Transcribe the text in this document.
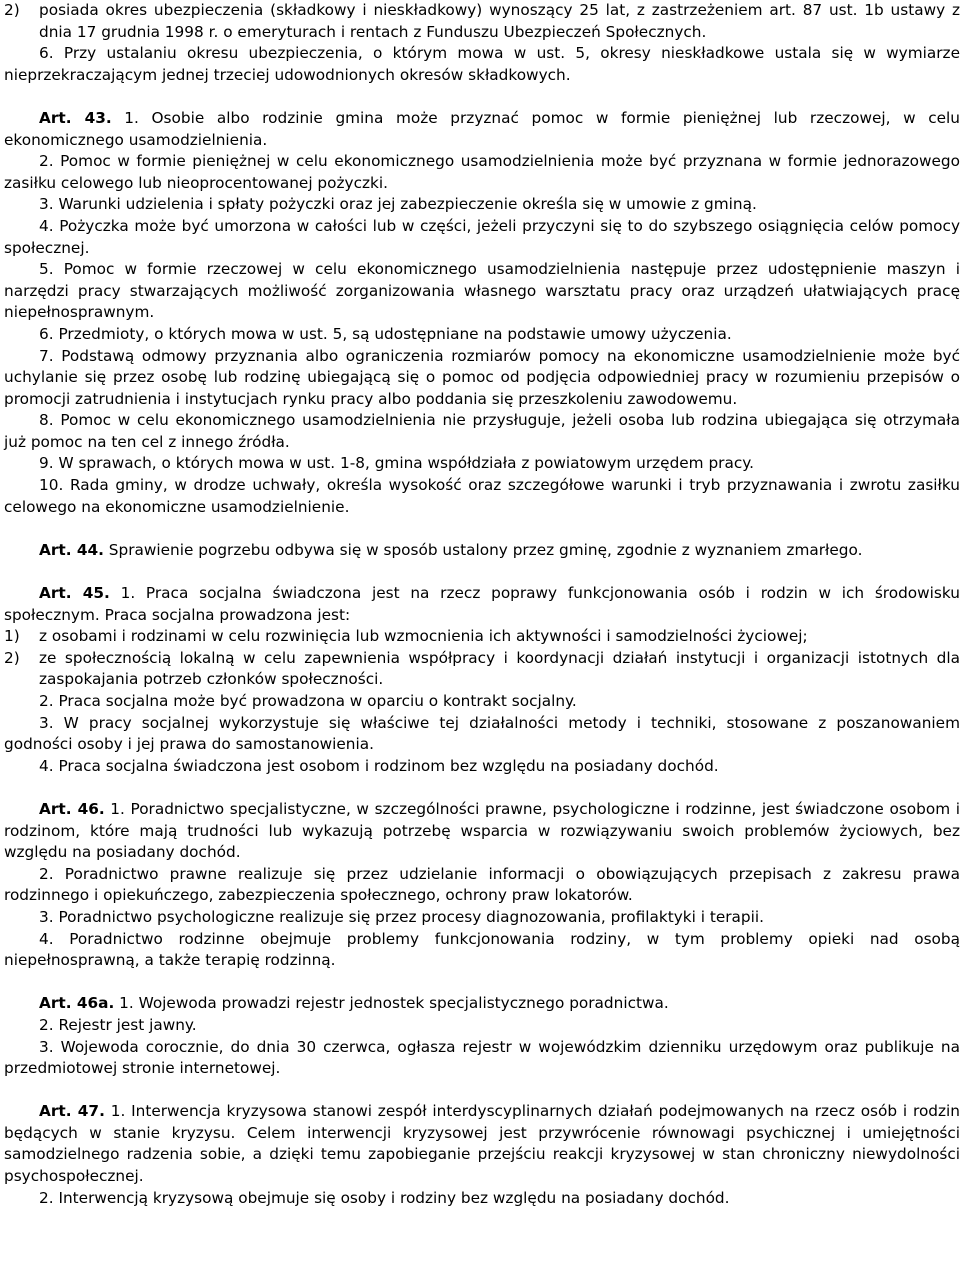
2)	posiada okres ubezpieczenia (składkowy i nieskładkowy) wynoszący 25 lat, z zastrzeżeniem art. 87 ust. 1b ustawy z dnia 17 grudnia 1998 r. o emeryturach i rentach z Funduszu Ubezpieczeń Społecznych.

6. Przy ustalaniu okresu ubezpieczenia, o którym mowa w ust. 5, okresy nieskładkowe ustala się w wymiarze nieprzekraczającym jednej trzeciej udowodnionych okresów składkowych.

Art. 43. 1. Osobie albo rodzinie gmina może przyznać pomoc w formie pieniężnej lub rzeczowej, w celu ekonomicznego usamodzielnienia.

2. Pomoc w formie pieniężnej w celu ekonomicznego usamodzielnienia może być przyznana w formie jednorazowego zasiłku celowego lub nieoprocentowanej pożyczki.

3. Warunki udzielenia i spłaty pożyczki oraz jej zabezpieczenie określa się w umowie z gminą.

4. Pożyczka może być umorzona w całości lub w części, jeżeli przyczyni się to do szybszego osiągnięcia celów pomocy społecznej.

5. Pomoc w formie rzeczowej w celu ekonomicznego usamodzielnienia następuje przez udostępnienie maszyn i narzędzi pracy stwarzających możliwość zorganizowania własnego warsztatu pracy oraz urządzeń ułatwiających pracę niepełnosprawnym.

6. Przedmioty, o których mowa w ust. 5, są udostępniane na podstawie umowy użyczenia.

7. Podstawą odmowy przyznania albo ograniczenia rozmiarów pomocy na ekonomiczne usamodzielnienie może być uchylanie się przez osobę lub rodzinę ubiegającą się o pomoc od podjęcia odpowiedniej pracy w rozumieniu przepisów o promocji zatrudnienia i instytucjach rynku pracy albo poddania się przeszkoleniu zawodowemu.

8. Pomoc w celu ekonomicznego usamodzielnienia nie przysługuje, jeżeli osoba lub rodzina ubiegająca się otrzymała już pomoc na ten cel z innego źródła.

9. W sprawach, o których mowa w ust. 1-8, gmina współdziała z powiatowym urzędem pracy.

10. Rada gminy, w drodze uchwały, określa wysokość oraz szczegółowe warunki i tryb przyznawania i zwrotu zasiłku celowego na ekonomiczne usamodzielnienie.

Art. 44. Sprawienie pogrzebu odbywa się w sposób ustalony przez gminę, zgodnie z wyznaniem zmarłego.

Art. 45. 1. Praca socjalna świadczona jest na rzecz poprawy funkcjonowania osób i rodzin w ich środowisku społecznym. Praca socjalna prowadzona jest:

1)	z osobami i rodzinami w celu rozwinięcia lub wzmocnienia ich aktywności i samodzielności życiowej;
2)	ze społecznością lokalną w celu zapewnienia współpracy i koordynacji działań instytucji i organizacji istotnych dla zaspokajania potrzeb członków społeczności.

2. Praca socjalna może być prowadzona w oparciu o kontrakt socjalny.

3. W pracy socjalnej wykorzystuje się właściwe tej działalności metody i techniki, stosowane z poszanowaniem godności osoby i jej prawa do samostanowienia.

4. Praca socjalna świadczona jest osobom i rodzinom bez względu na posiadany dochód.

Art. 46. 1. Poradnictwo specjalistyczne, w szczególności prawne, psychologiczne i rodzinne, jest świadczone osobom i rodzinom, które mają trudności lub wykazują potrzebę wsparcia w rozwiązywaniu swoich problemów życiowych, bez względu na posiadany dochód.

2. Poradnictwo prawne realizuje się przez udzielanie informacji o obowiązujących przepisach z zakresu prawa rodzinnego i opiekuńczego, zabezpieczenia społecznego, ochrony praw lokatorów.

3. Poradnictwo psychologiczne realizuje się przez procesy diagnozowania, profilaktyki i terapii.

4. Poradnictwo rodzinne obejmuje problemy funkcjonowania rodziny, w tym problemy opieki nad osobą niepełnosprawną, a także terapię rodzinną.

Art. 46a. 1. Wojewoda prowadzi rejestr jednostek specjalistycznego poradnictwa.

2. Rejestr jest jawny.

3. Wojewoda corocznie, do dnia 30 czerwca, ogłasza rejestr w wojewódzkim dzienniku urzędowym oraz publikuje na przedmiotowej stronie internetowej.

Art. 47. 1. Interwencja kryzysowa stanowi zespół interdyscyplinarnych działań podejmowanych na rzecz osób i rodzin będących w stanie kryzysu. Celem interwencji kryzysowej jest przywrócenie równowagi psychicznej i umiejętności samodzielnego radzenia sobie, a dzięki temu zapobieganie przejściu reakcji kryzysowej w stan chroniczny niewydolności psychospołecznej.

2. Interwencją kryzysową obejmuje się osoby i rodziny bez względu na posiadany dochód.
